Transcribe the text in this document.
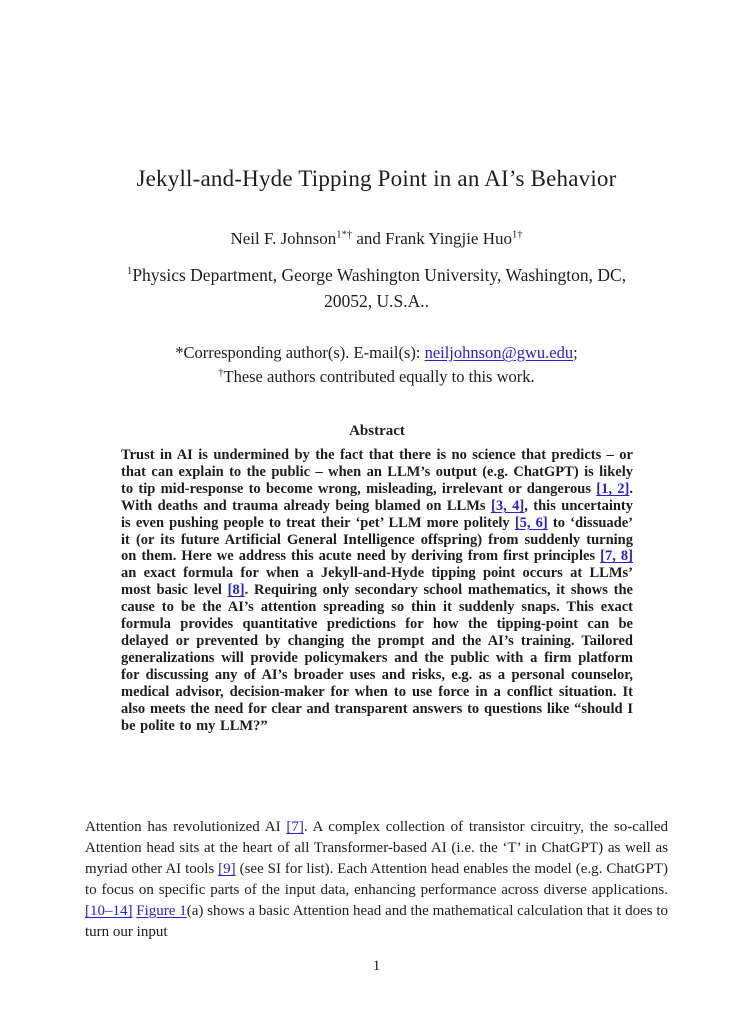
Jekyll-and-Hyde Tipping Point in an AI’s Behavior
Neil F. Johnson$^{1*\dagger}$ and Frank Yingjie Huo$^{1\dagger}$
$^1$Physics Department, George Washington University, Washington, DC, 20052, U.S.A..
*Corresponding author(s). E-mail(s): neiljohnson@gwu.edu;
†These authors contributed equally to this work.
Abstract

Trust in AI is undermined by the fact that there is no science that predicts – or that can explain to the public – when an LLM’s output (e.g. ChatGPT) is likely to tip mid-response to become wrong, misleading, irrelevant or dangerous [1, 2]. With deaths and trauma already being blamed on LLMs [3, 4], this uncertainty is even pushing people to treat their ‘pet’ LLM more politely [5, 6] to ‘dissuade’ it (or its future Artificial General Intelligence offspring) from suddenly turning on them. Here we address this acute need by deriving from first principles [7, 8] an exact formula for when a Jekyll-and-Hyde tipping point occurs at LLMs’ most basic level [8]. Requiring only secondary school mathematics, it shows the cause to be the AI’s attention spreading so thin it suddenly snaps. This exact formula provides quantitative predictions for how the tipping-point can be delayed or prevented by changing the prompt and the AI’s training. Tailored generalizations will provide policymakers and the public with a firm platform for discussing any of AI’s broader uses and risks, e.g. as a personal counselor, medical advisor, decision-maker for when to use force in a conflict situation. It also meets the need for clear and transparent answers to questions like “should I be polite to my LLM?”

Attention has revolutionized AI [7]. A complex collection of transistor circuitry, the so-called Attention head sits at the heart of all Transformer-based AI (i.e. the ‘T’ in ChatGPT) as well as myriad other AI tools [9] (see SI for list). Each Attention head enables the model (e.g. ChatGPT) to focus on specific parts of the input data, enhancing performance across diverse applications. [10–14] Figure 1(a) shows a basic Attention head and the mathematical calculation that it does to turn our input

1
